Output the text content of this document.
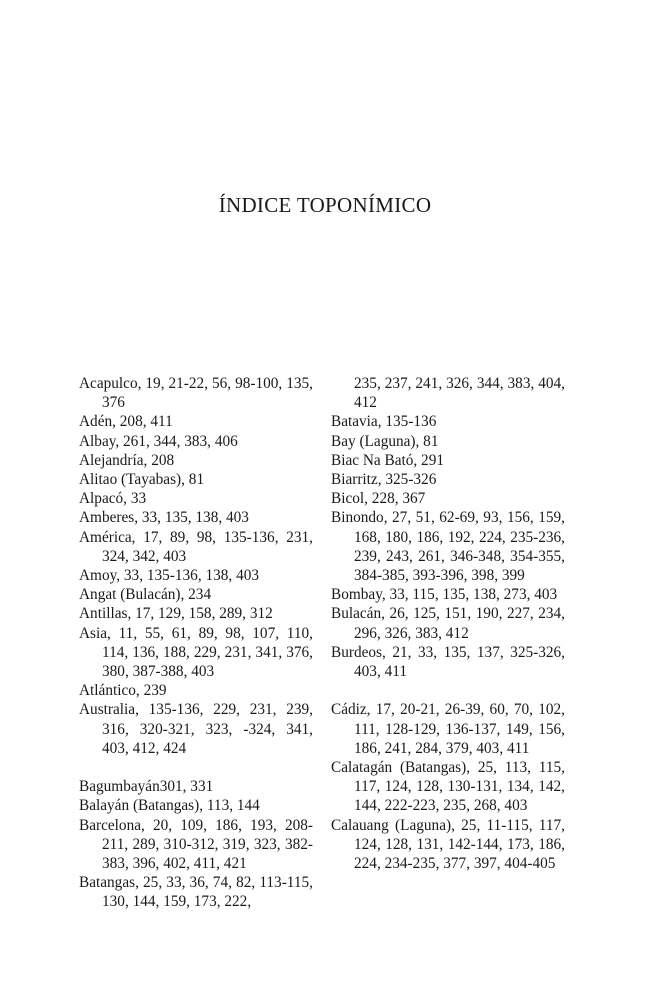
ÍNDICE TOPONÍMICO
Acapulco, 19, 21-22, 56, 98-100, 135, 376
Adén, 208, 411
Albay, 261, 344, 383, 406
Alejandría, 208
Alitao (Tayabas), 81
Alpacó, 33
Amberes, 33, 135, 138, 403
América, 17, 89, 98, 135-136, 231, 324, 342, 403
Amoy, 33, 135-136, 138, 403
Angat (Bulacán), 234
Antillas, 17, 129, 158, 289, 312
Asia, 11, 55, 61, 89, 98, 107, 110, 114, 136, 188, 229, 231, 341, 376, 380, 387-388, 403
Atlántico, 239
Australia, 135-136, 229, 231, 239, 316, 320-321, 323, -324, 341, 403, 412, 424
Bagumbayán301, 331
Balayán (Batangas), 113, 144
Barcelona, 20, 109, 186, 193, 208-211, 289, 310-312, 319, 323, 382-383, 396, 402, 411, 421
Batangas, 25, 33, 36, 74, 82, 113-115, 130, 144, 159, 173, 222,
235, 237, 241, 326, 344, 383, 404, 412
Batavia, 135-136
Bay (Laguna), 81
Biac Na Bató, 291
Biarritz, 325-326
Bicol, 228, 367
Binondo, 27, 51, 62-69, 93, 156, 159, 168, 180, 186, 192, 224, 235-236, 239, 243, 261, 346-348, 354-355, 384-385, 393-396, 398, 399
Bombay, 33, 115, 135, 138, 273, 403
Bulacán, 26, 125, 151, 190, 227, 234, 296, 326, 383, 412
Burdeos, 21, 33, 135, 137, 325-326, 403, 411
Cádiz, 17, 20-21, 26-39, 60, 70, 102, 111, 128-129, 136-137, 149, 156, 186, 241, 284, 379, 403, 411
Calatagán (Batangas), 25, 113, 115, 117, 124, 128, 130-131, 134, 142, 144, 222-223, 235, 268, 403
Calauang (Laguna), 25, 11-115, 117, 124, 128, 131, 142-144, 173, 186, 224, 234-235, 377, 397, 404-405
